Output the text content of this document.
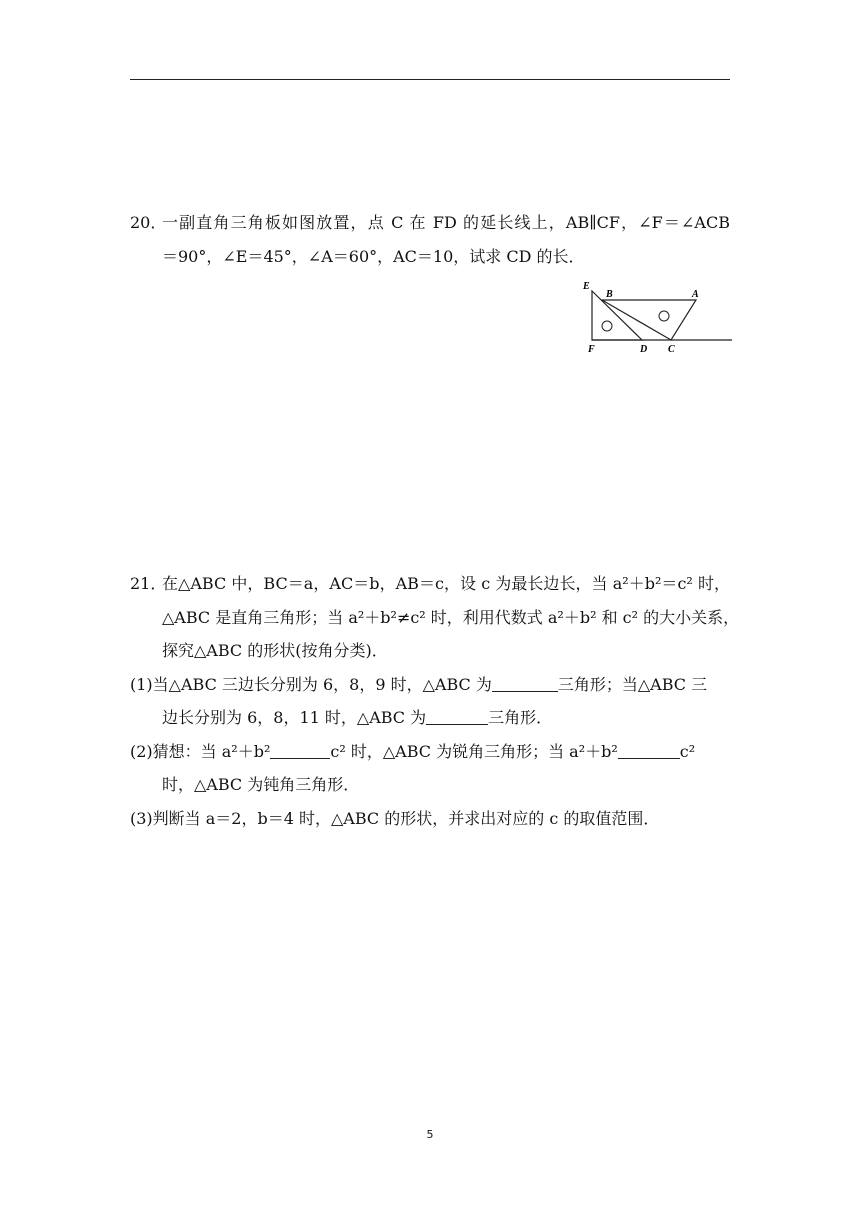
20．
一副直角三角板如图放置，点 C 在 FD 的延长线上，AB∥CF，∠F＝∠ACB
＝90°，∠E＝45°，∠A＝60°，AC＝10，试求 CD 的长．
E
B	A
F	D C
21．
在△ABC 中，BC＝a，AC＝b，AB＝c，设 c 为最长边长，当 a²＋b²＝c² 时，
△ABC 是直角三角形；当 a²＋b²≠c² 时，利用代数式 a²＋b² 和 c² 的大小关系，
探究△ABC 的形状(按角分类)．
(1)当△ABC 三边长分别为 6，8，9 时，△ABC 为	三角形；当△ABC 三
边长分别为 6，8，11 时，△ABC 为	三角形．
(2)猜想：当 a²＋b²	c² 时，△ABC 为锐角三角形；当 a²＋b²	c²
时，△ABC 为钝角三角形．
(3)判断当 a＝2，b＝4 时，△ABC 的形状，并求出对应的 c 的取值范围．
5
